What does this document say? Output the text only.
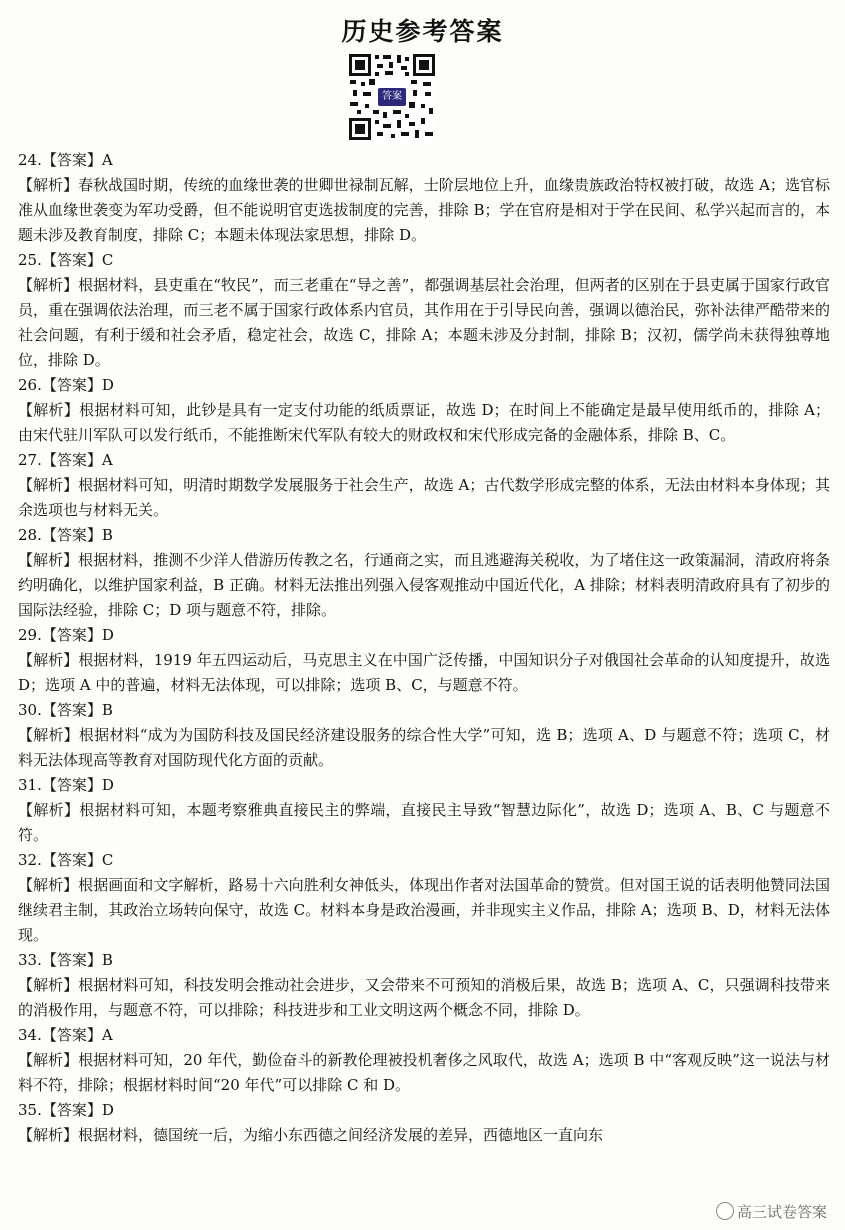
历史参考答案
答案
24.【答案】A
【解析】春秋战国时期，传统的血缘世袭的世卿世禄制瓦解，士阶层地位上升，血缘贵族政治特权被打破，故选 A；选官标准从血缘世袭变为军功受爵，但不能说明官吏选拔制度的完善，排除 B；学在官府是相对于学在民间、私学兴起而言的，本题未涉及教育制度，排除 C；本题未体现法家思想，排除 D。
25.【答案】C
【解析】根据材料，县吏重在“牧民”，而三老重在“导之善”，都强调基层社会治理，但两者的区别在于县吏属于国家行政官员，重在强调依法治理，而三老不属于国家行政体系内官员，其作用在于引导民向善，强调以德治民，弥补法律严酷带来的社会问题，有利于缓和社会矛盾，稳定社会，故选 C，排除 A；本题未涉及分封制，排除 B；汉初，儒学尚未获得独尊地位，排除 D。
26.【答案】D
【解析】根据材料可知，此钞是具有一定支付功能的纸质票证，故选 D；在时间上不能确定是最早使用纸币的，排除 A；由宋代驻川军队可以发行纸币，不能推断宋代军队有较大的财政权和宋代形成完备的金融体系，排除 B、C。
27.【答案】A
【解析】根据材料可知，明清时期数学发展服务于社会生产，故选 A；古代数学形成完整的体系，无法由材料本身体现；其余选项也与材料无关。
28.【答案】B
【解析】根据材料，推测不少洋人借游历传教之名，行通商之实，而且逃避海关税收，为了堵住这一政策漏洞，清政府将条约明确化，以维护国家利益，B 正确。材料无法推出列强入侵客观推动中国近代化，A 排除；材料表明清政府具有了初步的国际法经验，排除 C；D 项与题意不符，排除。
29.【答案】D
【解析】根据材料，1919 年五四运动后，马克思主义在中国广泛传播，中国知识分子对俄国社会革命的认知度提升，故选 D；选项 A 中的普遍，材料无法体现，可以排除；选项 B、C，与题意不符。
30.【答案】B
【解析】根据材料“成为为国防科技及国民经济建设服务的综合性大学”可知，选 B；选项 A、D 与题意不符；选项 C，材料无法体现高等教育对国防现代化方面的贡献。
31.【答案】D
【解析】根据材料可知，本题考察雅典直接民主的弊端，直接民主导致“智慧边际化”，故选 D；选项 A、B、C 与题意不符。
32.【答案】C
【解析】根据画面和文字解析，路易十六向胜利女神低头，体现出作者对法国革命的赞赏。但对国王说的话表明他赞同法国继续君主制，其政治立场转向保守，故选 C。材料本身是政治漫画，并非现实主义作品，排除 A；选项 B、D，材料无法体现。
33.【答案】B
【解析】根据材料可知，科技发明会推动社会进步，又会带来不可预知的消极后果，故选 B；选项 A、C，只强调科技带来的消极作用，与题意不符，可以排除；科技进步和工业文明这两个概念不同，排除 D。
34.【答案】A
【解析】根据材料可知，20 年代，勤俭奋斗的新教伦理被投机奢侈之风取代，故选 A；选项 B 中“客观反映”这一说法与材料不符，排除；根据材料时间“20 年代”可以排除 C 和 D。
35.【答案】D
【解析】根据材料，德国统一后，为缩小东西德之间经济发展的差异，西德地区一直向东
高三试卷答案
